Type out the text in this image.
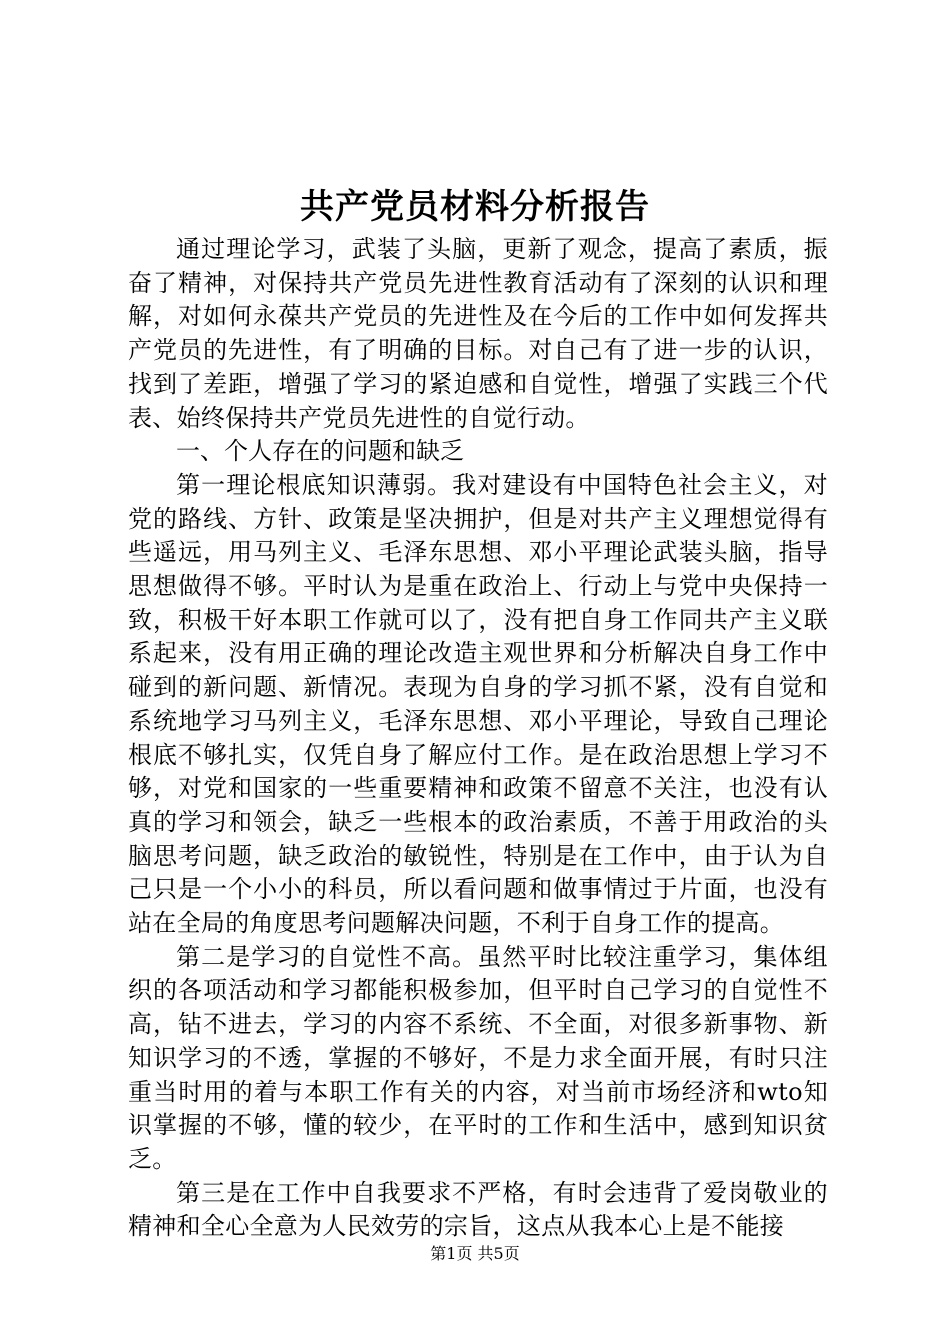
共产党员材料分析报告

通过理论学习，武装了头脑，更新了观念，提高了素质，振奋了精神，对保持共产党员先进性教育活动有了深刻的认识和理解，对如何永葆共产党员的先进性及在今后的工作中如何发挥共产党员的先进性，有了明确的目标。对自己有了进一步的认识，找到了差距，增强了学习的紧迫感和自觉性，增强了实践三个代表、始终保持共产党员先进性的自觉行动。

一、个人存在的问题和缺乏

第一理论根底知识薄弱。我对建设有中国特色社会主义，对党的路线、方针、政策是坚决拥护，但是对共产主义理想觉得有些遥远，用马列主义、毛泽东思想、邓小平理论武装头脑，指导思想做得不够。平时认为是重在政治上、行动上与党中央保持一致，积极干好本职工作就可以了，没有把自身工作同共产主义联系起来，没有用正确的理论改造主观世界和分析解决自身工作中碰到的新问题、新情况。表现为自身的学习抓不紧，没有自觉和系统地学习马列主义，毛泽东思想、邓小平理论，导致自己理论根底不够扎实，仅凭自身了解应付工作。是在政治思想上学习不够，对党和国家的一些重要精神和政策不留意不关注，也没有认真的学习和领会，缺乏一些根本的政治素质，不善于用政治的头脑思考问题，缺乏政治的敏锐性，特别是在工作中，由于认为自己只是一个小小的科员，所以看问题和做事情过于片面，也没有站在全局的角度思考问题解决问题，不利于自身工作的提高。

第二是学习的自觉性不高。虽然平时比较注重学习，集体组织的各项活动和学习都能积极参加，但平时自己学习的自觉性不高，钻不进去，学习的内容不系统、不全面，对很多新事物、新知识学习的不透，掌握的不够好，不是力求全面开展，有时只注重当时用的着与本职工作有关的内容，对当前市场经济和wto知识掌握的不够，懂的较少，在平时的工作和生活中，感到知识贫乏。

第三是在工作中自我要求不严格，有时会违背了爱岗敬业的精神和全心全意为人民效劳的宗旨，这点从我本心上是不能接

第1页 共5页
